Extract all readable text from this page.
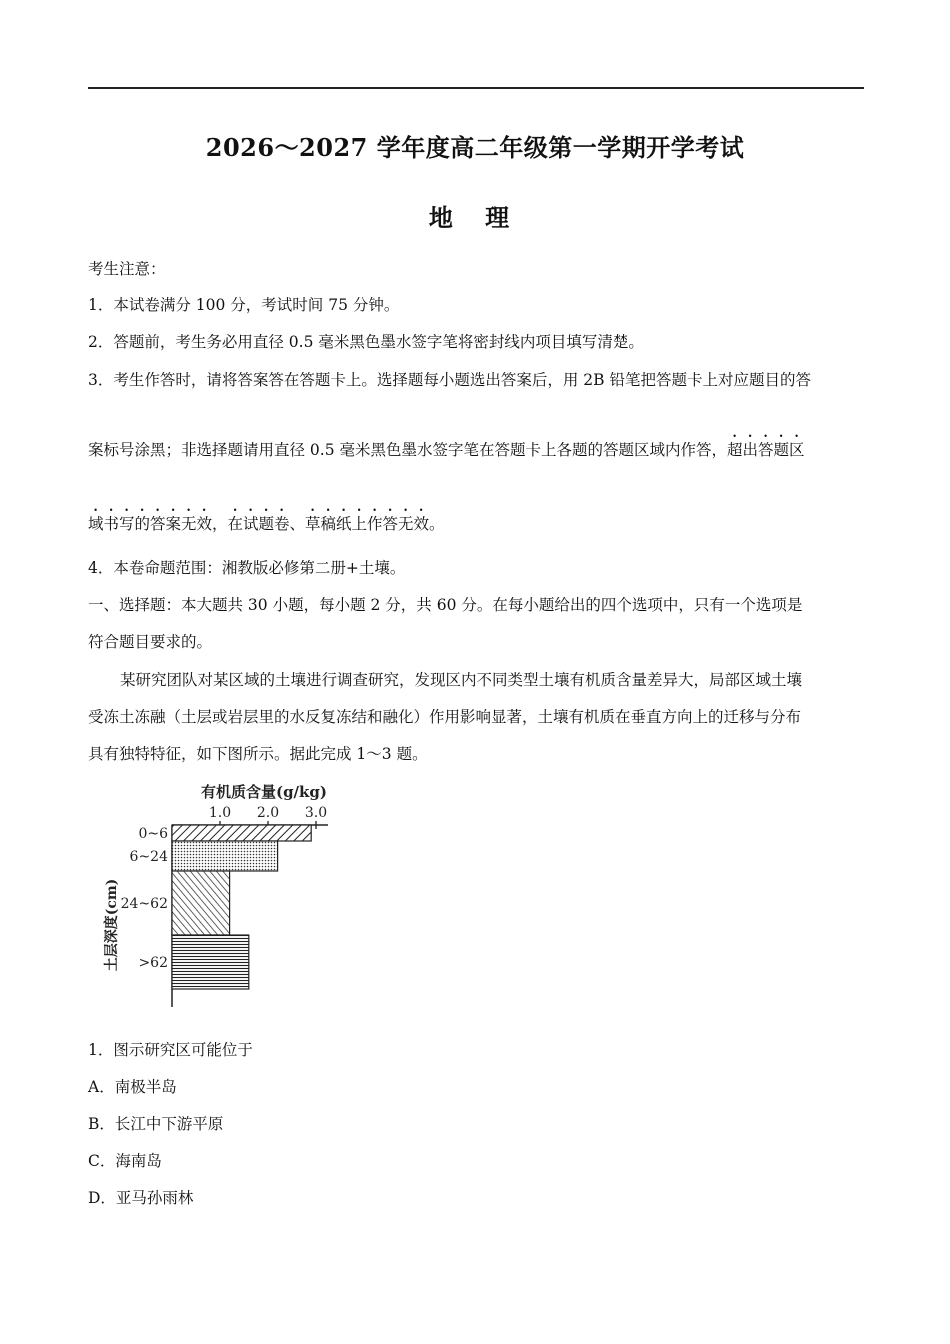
2026～2027 学年度高二年级第一学期开学考试
地 理
考生注意：
1．本试卷满分 100 分，考试时间 75 分钟。
2．答题前，考生务必用直径 0.5 毫米黑色墨水签字笔将密封线内项目填写清楚。
3．考生作答时，请将答案答在答题卡上。选择题每小题选出答案后，用 2B 铅笔把答题卡上对应题目的答
案标号涂黑；非选择题请用直径 0.5 毫米黑色墨水签字笔在答题卡上各题的答题区域内作答，超出答题区
域书写的答案无效，在试题卷、草稿纸上作答无效。
4．本卷命题范围：湘教版必修第二册+土壤。
一、选择题：本大题共 30 小题，每小题 2 分，共 60 分。在每小题给出的四个选项中，只有一个选项是
符合题目要求的。
某研究团队对某区域的土壤进行调查研究，发现区内不同类型土壤有机质含量差异大，局部区域土壤
受冻土冻融（土层或岩层里的水反复冻结和融化）作用影响显著，土壤有机质在垂直方向上的迁移与分布
具有独特特征，如下图所示。据此完成 1～3 题。
有机质含量(g/kg)
1.0 2.0 3.0
0~6
6~24
24~62
>62
土层深度(cm)
1．图示研究区可能位于
A．南极半岛
B．长江中下游平原
C．海南岛
D．亚马孙雨林
